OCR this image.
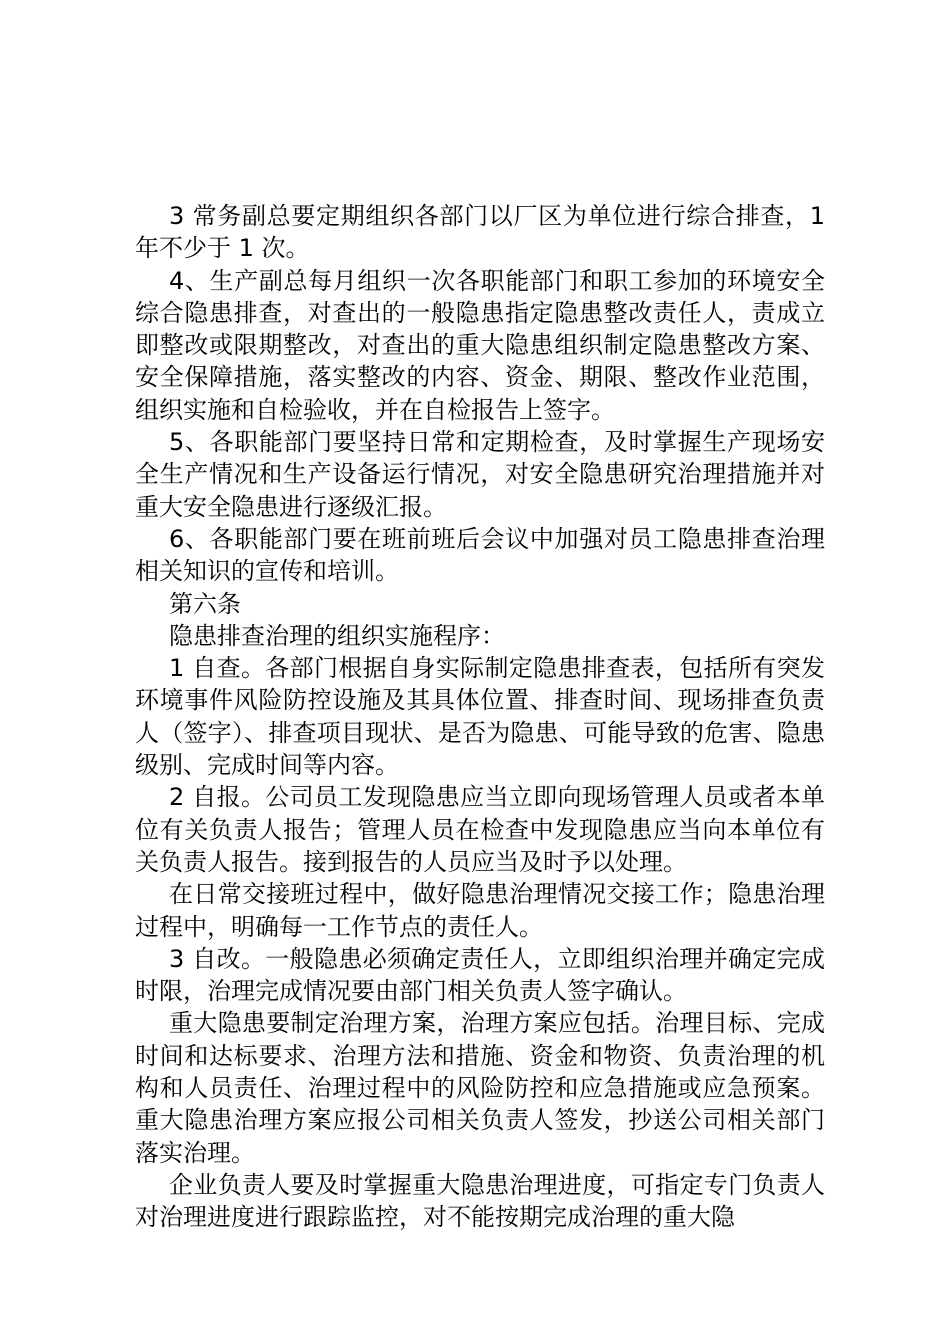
3 常务副总要定期组织各部门以厂区为单位进行综合排查，1 年不少于 1 次。

4、生产副总每月组织一次各职能部门和职工参加的环境安全综合隐患排查，对查出的一般隐患指定隐患整改责任人，责成立即整改或限期整改，对查出的重大隐患组织制定隐患整改方案、安全保障措施，落实整改的内容、资金、期限、整改作业范围，组织实施和自检验收，并在自检报告上签字。

5、各职能部门要坚持日常和定期检查，及时掌握生产现场安全生产情况和生产设备运行情况，对安全隐患研究治理措施并对重大安全隐患进行逐级汇报。

6、各职能部门要在班前班后会议中加强对员工隐患排查治理相关知识的宣传和培训。

第六条

隐患排查治理的组织实施程序：

1 自查。各部门根据自身实际制定隐患排查表，包括所有突发环境事件风险防控设施及其具体位置、排查时间、现场排查负责人（签字）、排查项目现状、是否为隐患、可能导致的危害、隐患级别、完成时间等内容。

2 自报。公司员工发现隐患应当立即向现场管理人员或者本单位有关负责人报告；管理人员在检查中发现隐患应当向本单位有关负责人报告。接到报告的人员应当及时予以处理。

在日常交接班过程中，做好隐患治理情况交接工作；隐患治理过程中，明确每一工作节点的责任人。

3 自改。一般隐患必须确定责任人，立即组织治理并确定完成时限，治理完成情况要由部门相关负责人签字确认。

重大隐患要制定治理方案，治理方案应包括。治理目标、完成时间和达标要求、治理方法和措施、资金和物资、负责治理的机构和人员责任、治理过程中的风险防控和应急措施或应急预案。重大隐患治理方案应报公司相关负责人签发，抄送公司相关部门落实治理。

企业负责人要及时掌握重大隐患治理进度，可指定专门负责人对治理进度进行跟踪监控，对不能按期完成治理的重大隐
